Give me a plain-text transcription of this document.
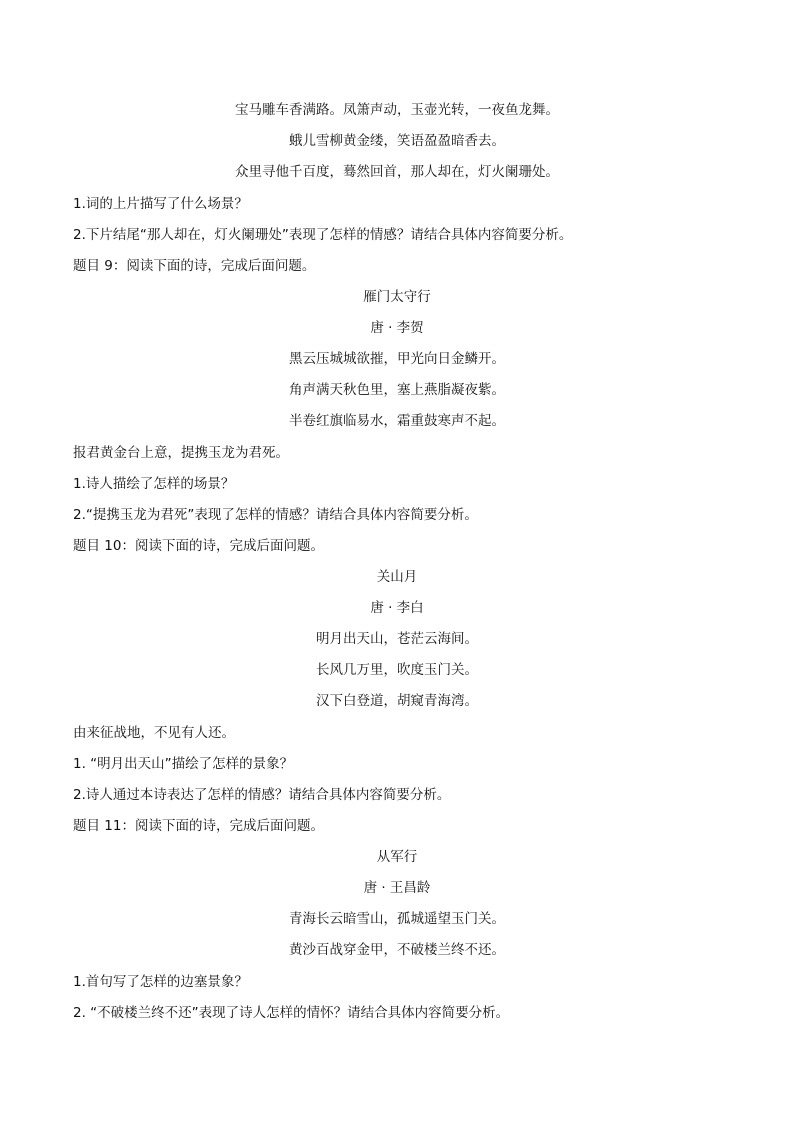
宝马雕车香满路。凤箫声动，玉壶光转，一夜鱼龙舞。
蛾儿雪柳黄金缕，笑语盈盈暗香去。
众里寻他千百度，蓦然回首，那人却在，灯火阑珊处。
1.词的上片描写了什么场景？
2.下片结尾“那人却在，灯火阑珊处”表现了怎样的情感？请结合具体内容简要分析。
题目 9：阅读下面的诗，完成后面问题。
雁门太守行
唐 · 李贺
黑云压城城欲摧，甲光向日金鳞开。
角声满天秋色里，塞上燕脂凝夜紫。
半卷红旗临易水，霜重鼓寒声不起。
报君黄金台上意，提携玉龙为君死。
1.诗人描绘了怎样的场景？
2.“提携玉龙为君死”表现了怎样的情感？请结合具体内容简要分析。
题目 10：阅读下面的诗，完成后面问题。
关山月
唐 · 李白
明月出天山，苍茫云海间。
长风几万里，吹度玉门关。
汉下白登道，胡窥青海湾。
由来征战地，不见有人还。
1. “明月出天山”描绘了怎样的景象？
2.诗人通过本诗表达了怎样的情感？请结合具体内容简要分析。
题目 11：阅读下面的诗，完成后面问题。
从军行
唐 · 王昌龄
青海长云暗雪山，孤城遥望玉门关。
黄沙百战穿金甲，不破楼兰终不还。
1.首句写了怎样的边塞景象？
2. “不破楼兰终不还”表现了诗人怎样的情怀？请结合具体内容简要分析。
